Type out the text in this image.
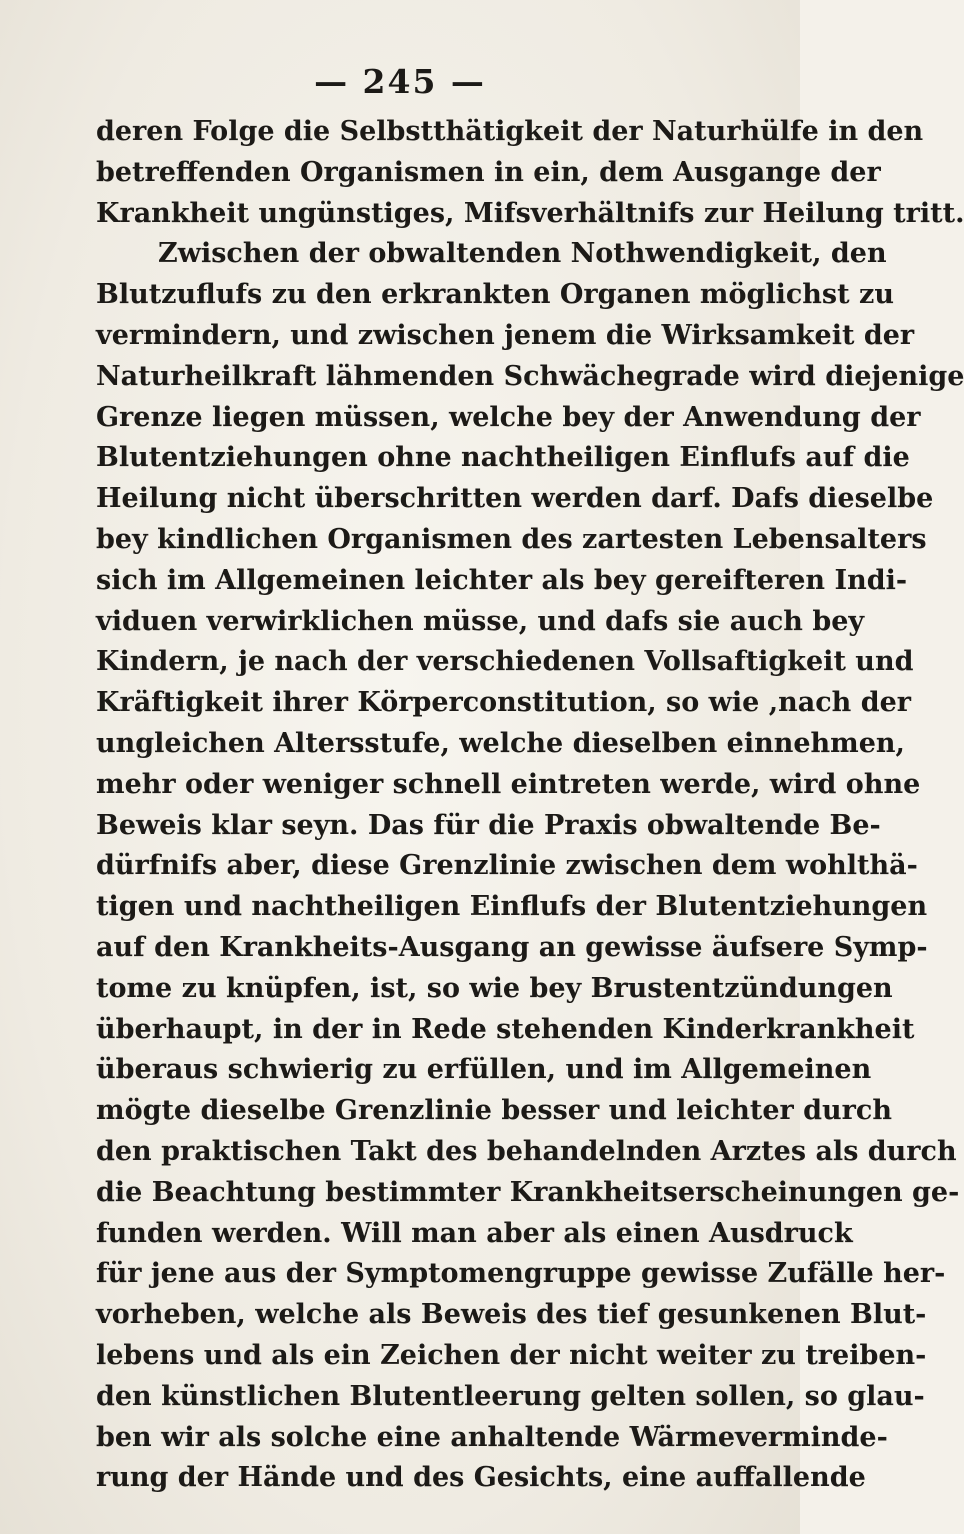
— 245 —
deren Folge die Selbstthätigkeit der Naturhülfe in den
betreffenden Organismen in ein, dem Ausgange der
Krankheit ungünstiges, Mifsverhältnifs zur Heilung tritt.
Zwischen der obwaltenden Nothwendigkeit, den
Blutzuflufs zu den erkrankten Organen möglichst zu
vermindern, und zwischen jenem die Wirksamkeit der
Naturheilkraft lähmenden Schwächegrade wird diejenige
Grenze liegen müssen, welche bey der Anwendung der
Blutentziehungen ohne nachtheiligen Einflufs auf die
Heilung nicht überschritten werden darf. Dafs dieselbe
bey kindlichen Organismen des zartesten Lebensalters
sich im Allgemeinen leichter als bey gereifteren Indi-
viduen verwirklichen müsse, und dafs sie auch bey
Kindern, je nach der verschiedenen Vollsaftigkeit und
Kräftigkeit ihrer Körperconstitution, so wie ,nach der
ungleichen Altersstufe, welche dieselben einnehmen,
mehr oder weniger schnell eintreten werde, wird ohne
Beweis klar seyn. Das für die Praxis obwaltende Be-
dürfnifs aber, diese Grenzlinie zwischen dem wohlthä-
tigen und nachtheiligen Einflufs der Blutentziehungen
auf den Krankheits-Ausgang an gewisse äufsere Symp-
tome zu knüpfen, ist, so wie bey Brustentzündungen
überhaupt, in der in Rede stehenden Kinderkrankheit
überaus schwierig zu erfüllen, und im Allgemeinen
mögte dieselbe Grenzlinie besser und leichter durch
den praktischen Takt des behandelnden Arztes als durch
die Beachtung bestimmter Krankheitserscheinungen ge-
funden werden. Will man aber als einen Ausdruck
für jene aus der Symptomengruppe gewisse Zufälle her-
vorheben, welche als Beweis des tief gesunkenen Blut-
lebens und als ein Zeichen der nicht weiter zu treiben-
den künstlichen Blutentleerung gelten sollen, so glau-
ben wir als solche eine anhaltende Wärmeverminde-
rung der Hände und des Gesichts, eine auffallende
